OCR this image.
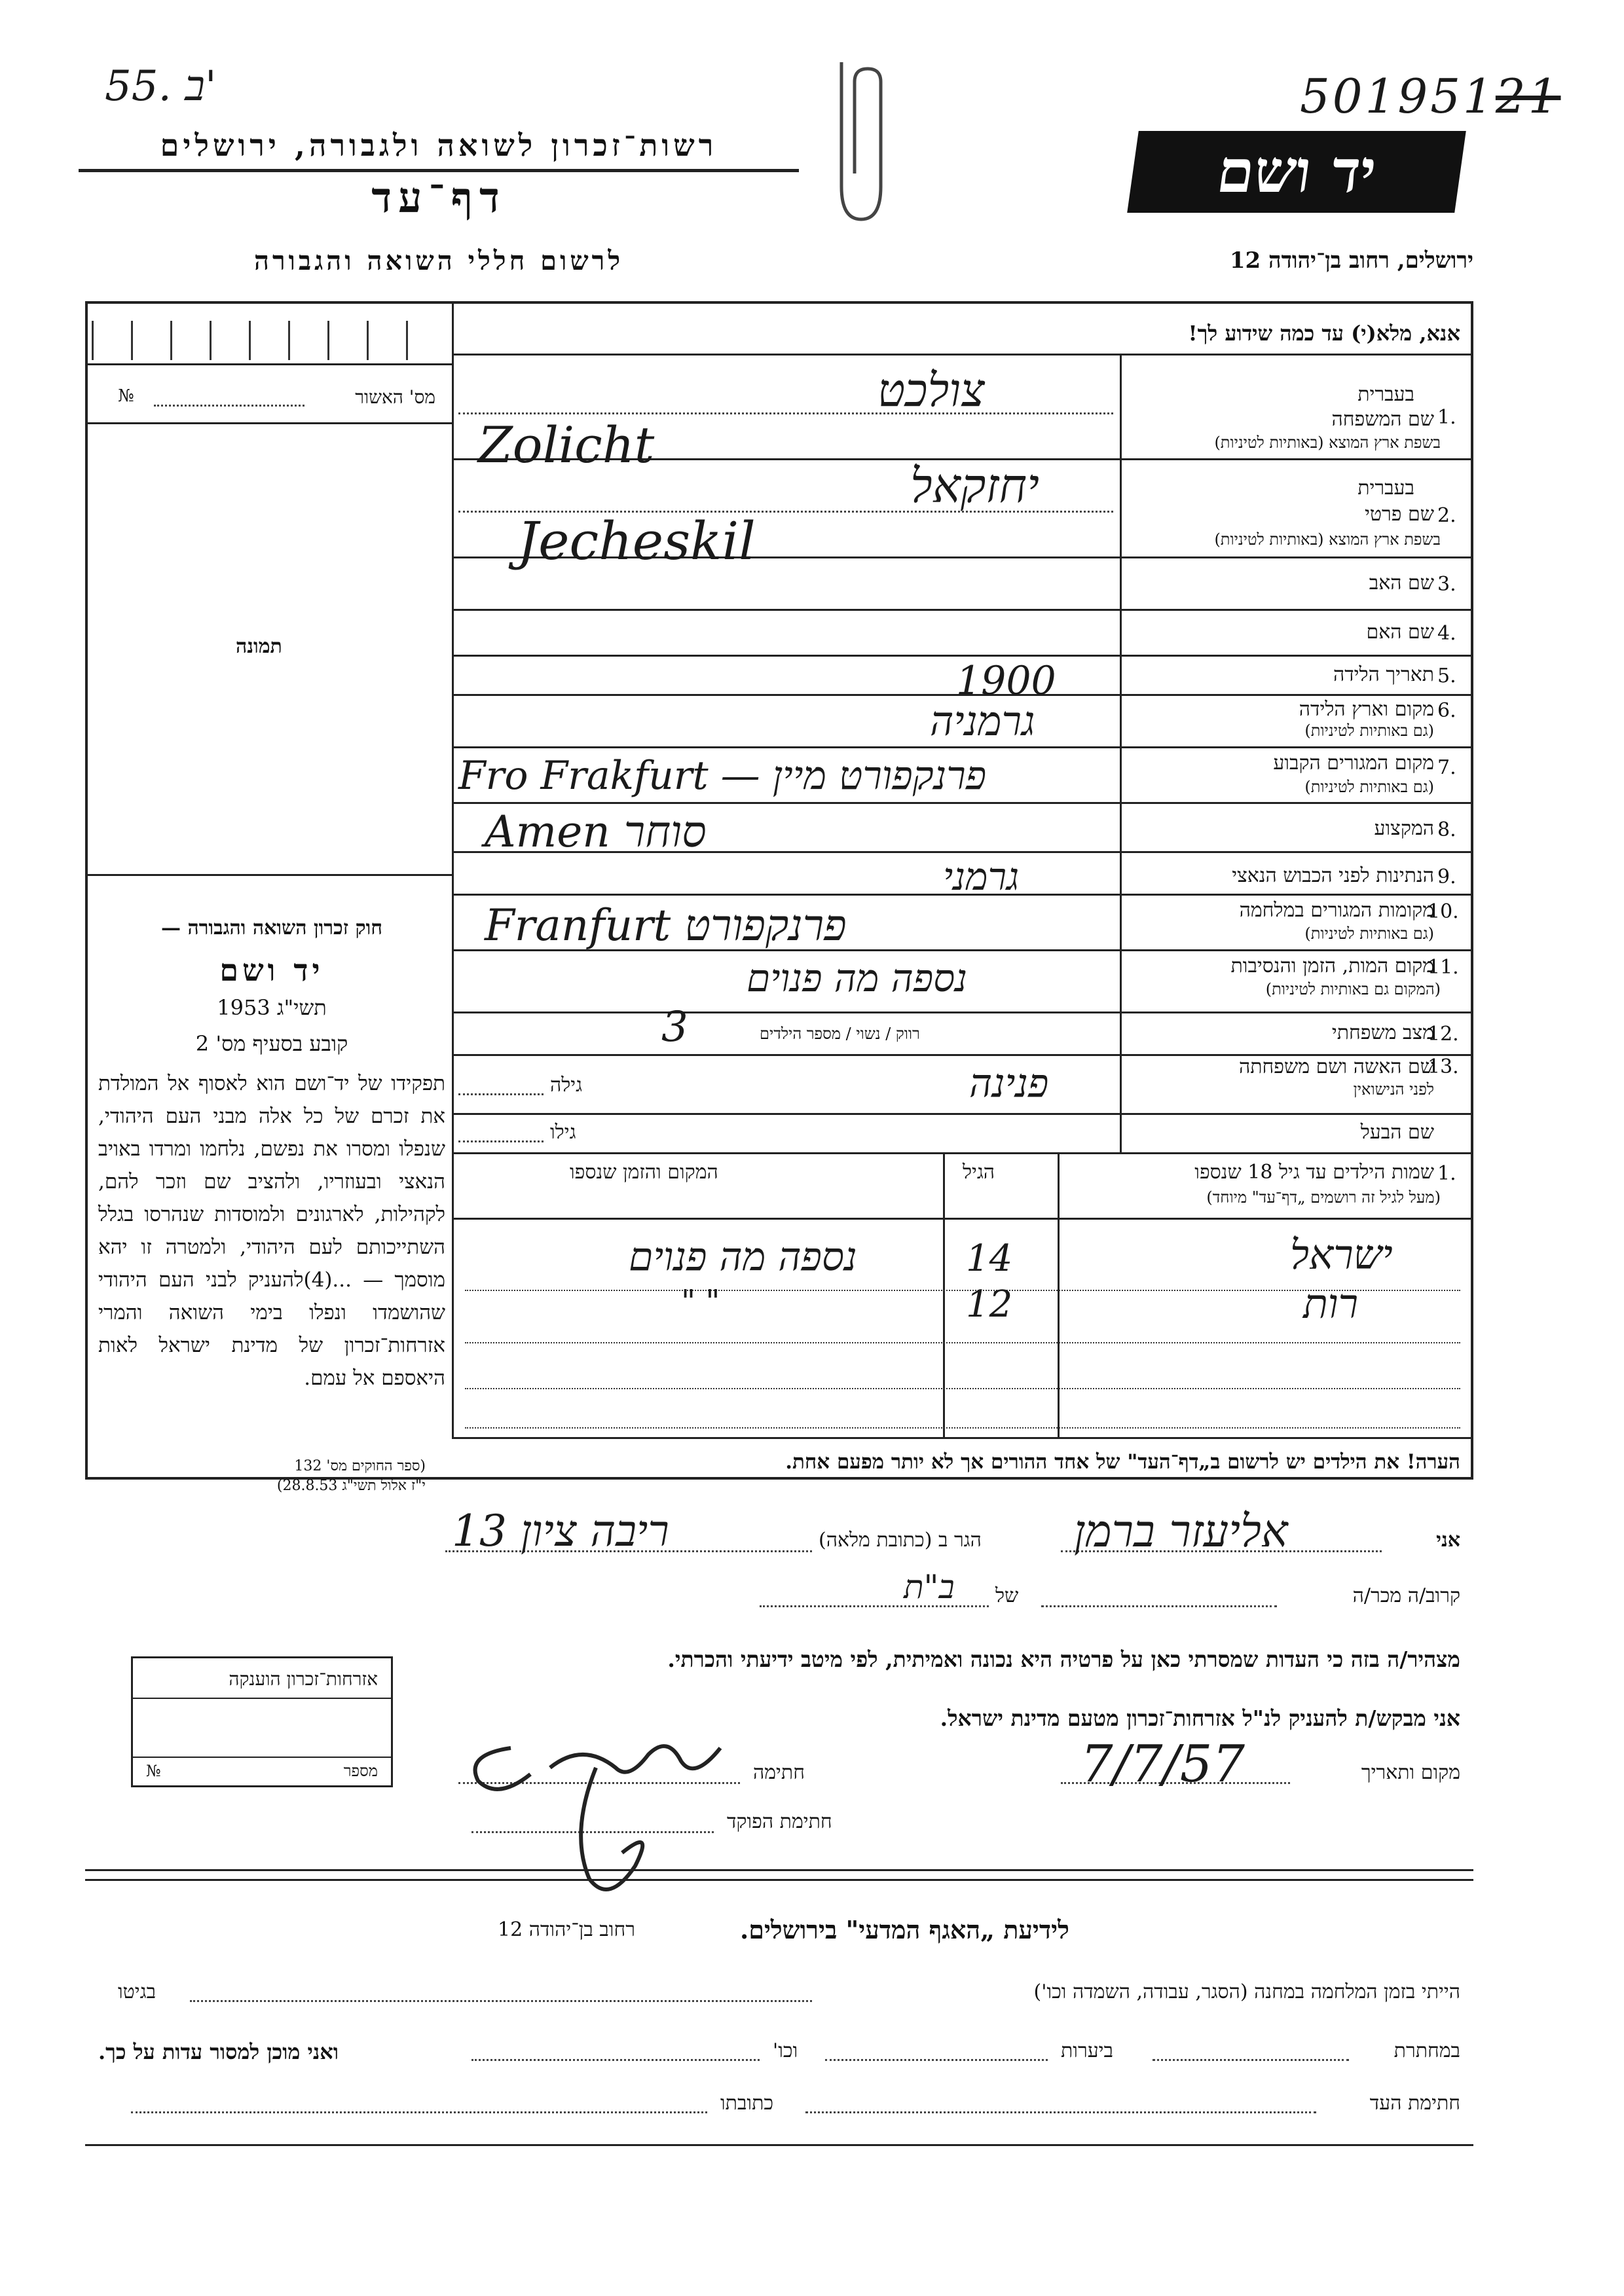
55. ב'	50195121
רשות־זכרון לשואה ולגבורה, ירושלים
דף־עד
לרשום חללי השואה והגבורה
יד ושם
ירושלים, רחוב בן־יהודה 12
אנא, מלא(י) עד כמה שידוע לך!
מס' האשור
№
תמונה
חוק זכרון השואה והגבורה —
יד ושם
תשי"ג 1953
קובע בסעיף מס' 2
תפקידו של יד־ושם הוא לאסוף אל המולדת את זכרם של כל אלה מבני העם היהודי, שנפלו ומסרו את נפשם, נלחמו ומרדו באויב הנאצי ובעוזריו, ולהציב שם וזכר להם, לקהילות, לארגונים ולמוסדות שנהרסו בגלל השתייכותם לעם היהודי, ולמטרה זו יהא מוסמך — ...(4)להעניק לבני העם היהודי שהושמדו ונפלו בימי השואה והמרי אזרחות־זכרון של מדינת ישראל לאות היאספם אל עמם.
(ספר החוקים מס' 132
י"ז אלול תשי"ג 28.8.53)
1.
בעברית
שם המשפחה
בשפת ארץ המוצא (באותיות לטיניות)
צולכט
Zolicht
2.
בעברית
שם פרטי
בשפת ארץ המוצא (באותיות לטיניות)
יחזקאל
Jecheskil
3.
שם האב
4.
שם האם
5.
תאריך הלידה
1900
6.
מקום וארץ הלידה
(גם באותיות לטיניות)
גרמניה
7.
מקום המגורים הקבוע
(גם באותיות לטיניות)
Fro Frakfurt — פרנקפורט מיין
8.
המקצוע
Amen סוחר
9.
הנתינות לפני הכבוש הנאצי
גרמני
10.
מקומות המגורים במלחמה
(גם באותיות לטיניות)
Franfurt פרנקפורט
11.
מקום המות, הזמן והנסיבות
(המקום גם באותיות לטיניות)
נספה מה פנוים
12.
מצב משפחתי
רווק / נשוי / מספר הילדים
3
13.
שם האשה ושם משפחתה
לפני הנישואין
גילה	פנינה
שם הבעל
גילו
1.
שמות הילדים עד גיל 18 שנספו
(מעל לגיל זה רושמים „דף־עד" מיוחד)
הגיל
המקום והזמן שנספו
ישראל
14
נספה מה פנוים
רות
12
" "
הערה! את הילדים יש לרשום ב„דף־העד" של אחד ההורים אך לא יותר מפעם אחת.
אני
אליעזר ברמן
הגר ב (כתובת מלאה)
ריבה ציון 13
קרוב/ה מכר/ה
של
ב"ת
מצהיר/ה בזה כי העדות שמסרתי כאן על פרטיה היא נכונה ואמיתית, לפי מיטב ידיעתי והכרתי.
אני מבקש/ת להעניק לנ"ל אזרחות־זכרון מטעם מדינת ישראל.
מקום ותאריך
7/7/57
חתימה
חתימת הפוקד
אזרחות־זכרון הוענקה
מספר
№
לידיעת „האגף המדעי" בירושלים.
רחוב בן־יהודה 12
הייתי בזמן המלחמה במחנה (הסגר, עבודה, השמדה וכו')
בגיטו
במחתרת
ביערות
וכו'
ואני מוכן למסור עדות על כך.
חתימת העד
כתובתו
